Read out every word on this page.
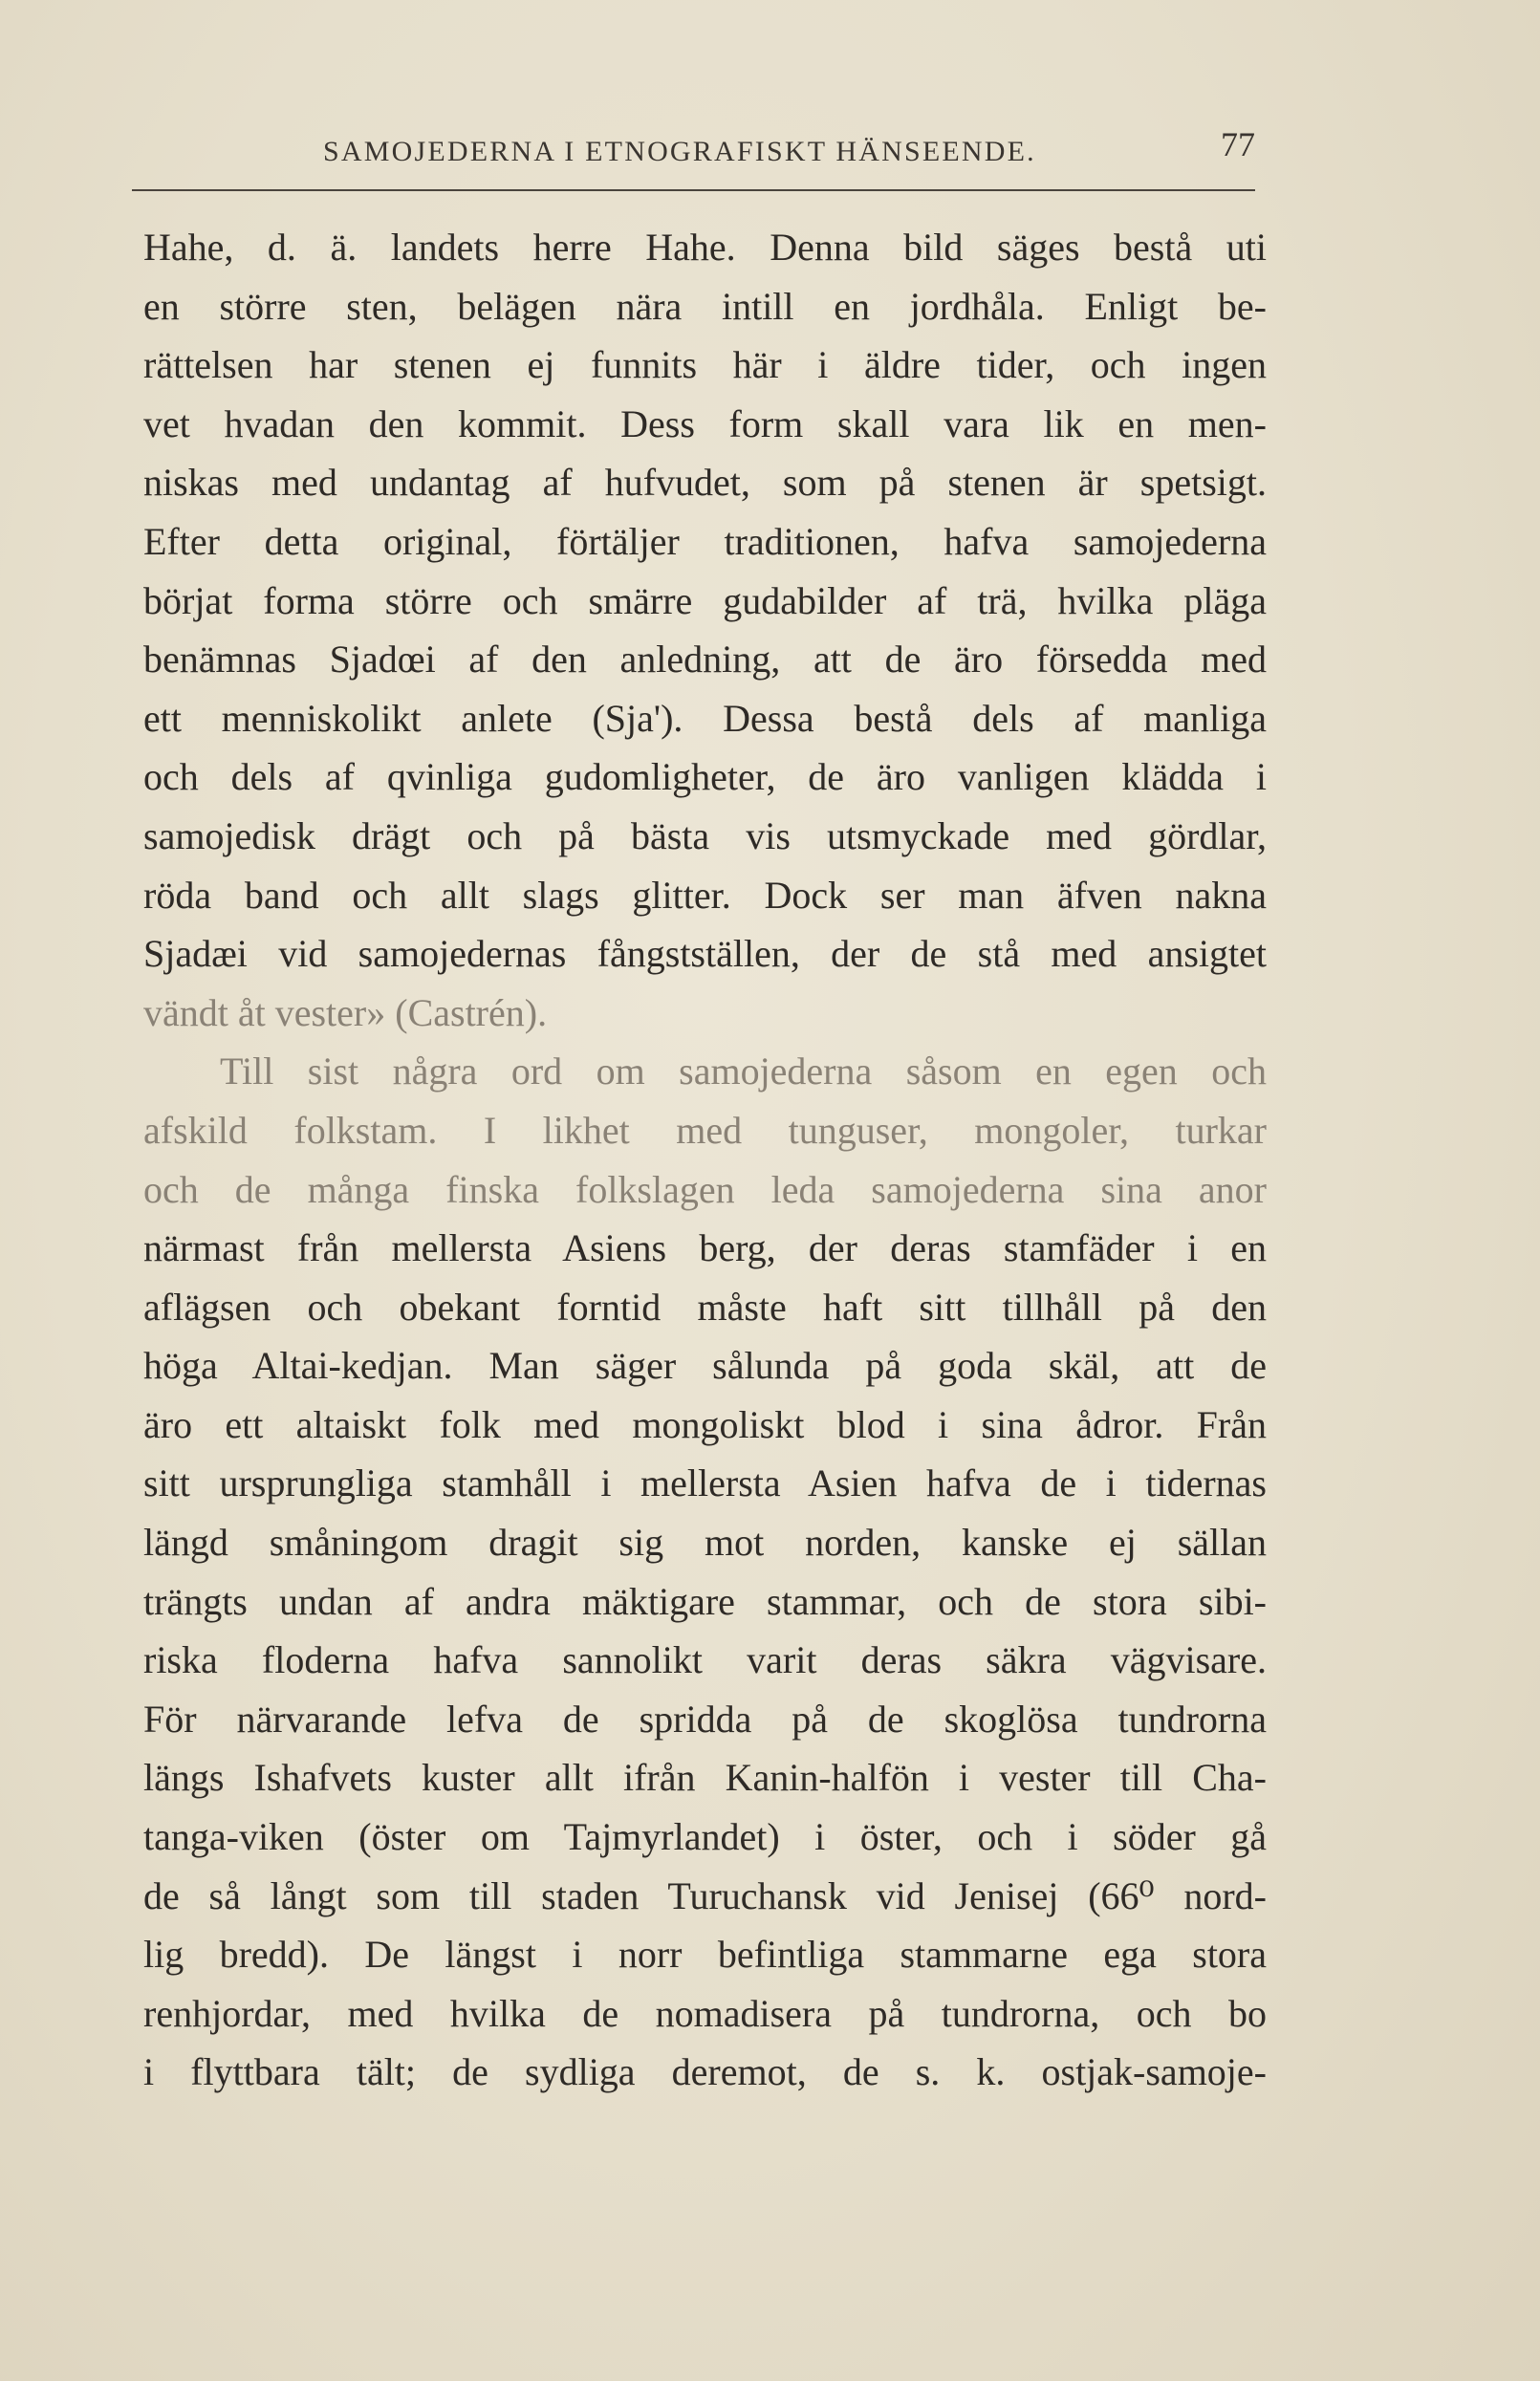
SAMOJEDERNA I ETNOGRAFISKT HÄNSEENDE.	77
Hahe, d. ä. landets herre Hahe. Denna bild säges bestå uti
en större sten, belägen nära intill en jordhåla. Enligt be-
rättelsen har stenen ej funnits här i äldre tider, och ingen
vet hvadan den kommit. Dess form skall vara lik en men-
niskas med undantag af hufvudet, som på stenen är spetsigt.
Efter detta original, förtäljer traditionen, hafva samojederna
börjat forma större och smärre gudabilder af trä, hvilka pläga
benämnas Sjadœi af den anledning, att de äro försedda med
ett menniskolikt anlete (Sja'). Dessa bestå dels af manliga
och dels af qvinliga gudomligheter, de äro vanligen klädda i
samojedisk drägt och på bästa vis utsmyckade med gördlar,
röda band och allt slags glitter. Dock ser man äfven nakna
Sjadæi vid samojedernas fångstställen, der de stå med ansigtet
vändt åt vester» (Castrén).
Till sist några ord om samojederna såsom en egen och
afskild folkstam. I likhet med tunguser, mongoler, turkar
och de många finska folkslagen leda samojederna sina anor
närmast från mellersta Asiens berg, der deras stamfäder i en
aflägsen och obekant forntid måste haft sitt tillhåll på den
höga Altai-kedjan. Man säger sålunda på goda skäl, att de
äro ett altaiskt folk med mongoliskt blod i sina ådror. Från
sitt ursprungliga stamhåll i mellersta Asien hafva de i tidernas
längd småningom dragit sig mot norden, kanske ej sällan
trängts undan af andra mäktigare stammar, och de stora sibi-
riska floderna hafva sannolikt varit deras säkra vägvisare.
För närvarande lefva de spridda på de skoglösa tundrorna
längs Ishafvets kuster allt ifrån Kanin-halfön i vester till Cha-
tanga-viken (öster om Tajmyrlandet) i öster, och i söder gå
de så långt som till staden Turuchansk vid Jenisej (66⁰ nord-
lig bredd). De längst i norr befintliga stammarne ega stora
renhjordar, med hvilka de nomadisera på tundrorna, och bo
i flyttbara tält; de sydliga deremot, de s. k. ostjak-samoje-
